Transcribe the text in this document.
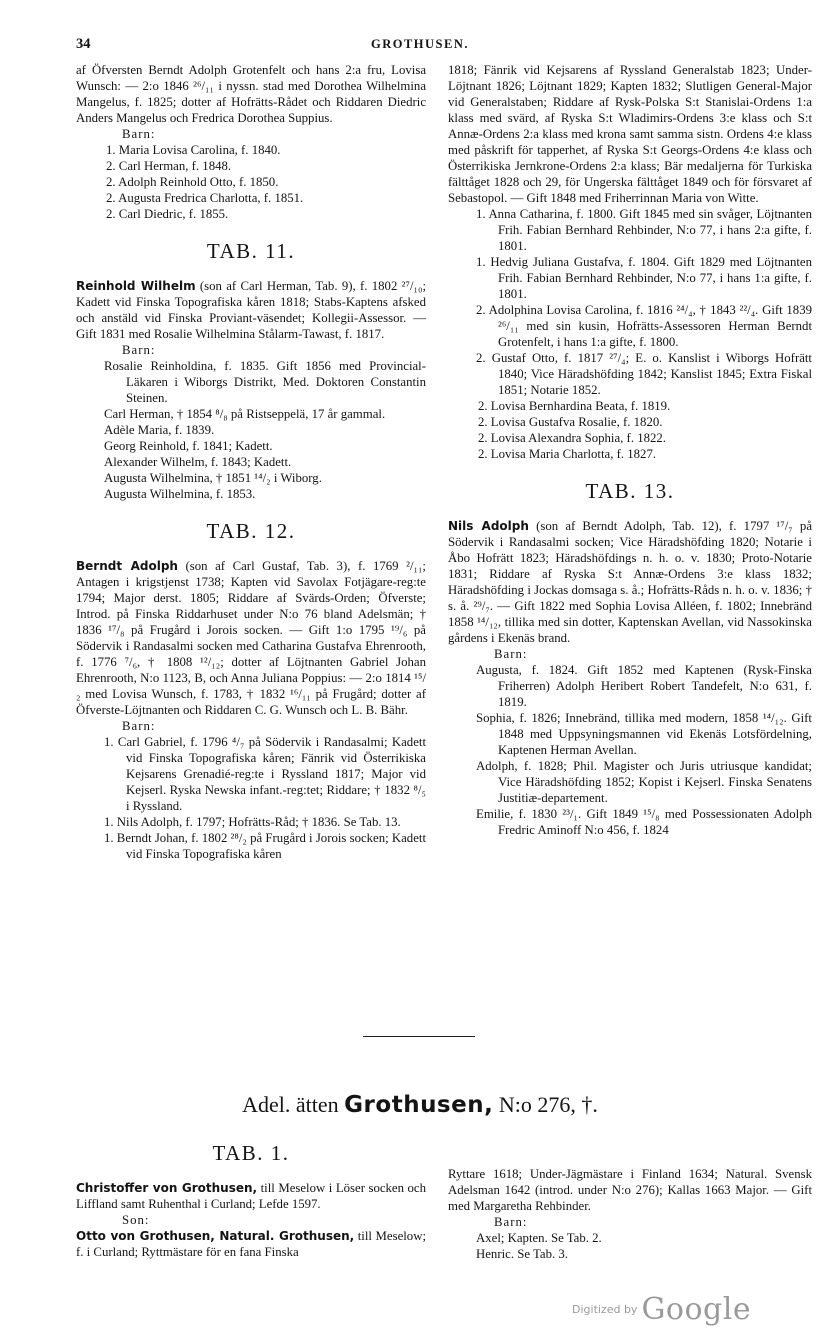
34	GROTHUSEN.

af Öfversten Berndt Adolph Grotenfelt och hans 2:a fru, Lovisa Wunsch: — 2:o 1846 ²⁶/₁₁ i nyssn. stad med Dorothea Wilhelmina Mangelus, f. 1825; dotter af Hofrätts-Rådet och Riddaren Diedric Anders Mangelus och Fredrica Dorothea Suppius.

Barn:

1. Maria Lovisa Carolina, f. 1840.

2. Carl Herman, f. 1848.

2. Adolph Reinhold Otto, f. 1850.

2. Augusta Fredrica Charlotta, f. 1851.

2. Carl Diedric, f. 1855.

TAB. 11.

Reinhold Wilhelm (son af Carl Herman, Tab. 9), f. 1802 ²⁷/₁₀; Kadett vid Finska Topografiska kåren 1818; Stabs-Kaptens afsked och anstäld vid Finska Proviant-väsendet; Kollegii-Assessor. — Gift 1831 med Rosalie Wilhelmina Stålarm-Tawast, f. 1817.

Barn:

Rosalie Reinholdina, f. 1835. Gift 1856 med Provincial-Läkaren i Wiborgs Distrikt, Med. Doktoren Constantin Steinen.

Carl Herman, † 1854 ⁸/₈ på Ristseppelä, 17 år gammal.

Adèle Maria, f. 1839.

Georg Reinhold, f. 1841; Kadett.

Alexander Wilhelm, f. 1843; Kadett.

Augusta Wilhelmina, † 1851 ¹⁴/₂ i Wiborg.

Augusta Wilhelmina, f. 1853.

TAB. 12.

Berndt Adolph (son af Carl Gustaf, Tab. 3), f. 1769 ²/₁₁; Antagen i krigstjenst 1738; Kapten vid Savolax Fotjägare-reg:te 1794; Major derst. 1805; Riddare af Svärds-Orden; Öfverste; Introd. på Finska Riddarhuset under N:o 76 bland Adelsmän; † 1836 ¹⁷/₈ på Frugård i Jorois socken. — Gift 1:o 1795 ¹⁹/₆ på Södervik i Randasalmi socken med Catharina Gustafva Ehrenrooth, f. 1776 ⁷/₆, † 1808 ¹²/₁₂; dotter af Löjtnanten Gabriel Johan Ehrenrooth, N:o 1123, B, och Anna Juliana Poppius: — 2:o 1814 ¹⁵/₂ med Lovisa Wunsch, f. 1783, † 1832 ¹⁶/₁₁ på Frugård; dotter af Öfverste-Löjtnanten och Riddaren C. G. Wunsch och L. B. Bähr.

Barn:

1. Carl Gabriel, f. 1796 ⁴/₇ på Södervik i Randasalmi; Kadett vid Finska Topografiska kåren; Fänrik vid Österrikiska Kejsarens Grenadié-reg:te i Ryssland 1817; Major vid Kejserl. Ryska Newska infant.-reg:tet; Riddare; † 1832 ⁸/₅ i Ryssland.

1. Nils Adolph, f. 1797; Hofrätts-Råd; † 1836. Se Tab. 13.

1. Berndt Johan, f. 1802 ²⁸/₂ på Frugård i Jorois socken; Kadett vid Finska Topografiska kåren

1818; Fänrik vid Kejsarens af Ryssland Generalstab 1823; Under-Löjtnant 1826; Löjtnant 1829; Kapten 1832; Slutligen General-Major vid Generalstaben; Riddare af Rysk-Polska S:t Stanislai-Ordens 1:a klass med svärd, af Ryska S:t Wladimirs-Ordens 3:e klass och S:t Annæ-Ordens 2:a klass med krona samt samma sistn. Ordens 4:e klass med påskrift för tapperhet, af Ryska S:t Georgs-Ordens 4:e klass och Österrikiska Jernkrone-Ordens 2:a klass; Bär medaljerna för Turkiska fälttåget 1828 och 29, för Ungerska fälttåget 1849 och för försvaret af Sebastopol. — Gift 1848 med Friherrinnan Maria von Witte.

1. Anna Catharina, f. 1800. Gift 1845 med sin svåger, Löjtnanten Frih. Fabian Bernhard Rehbinder, N:o 77, i hans 2:a gifte, f. 1801.

1. Hedvig Juliana Gustafva, f. 1804. Gift 1829 med Löjtnanten Frih. Fabian Bernhard Rehbinder, N:o 77, i hans 1:a gifte, f. 1801.

2. Adolphina Lovisa Carolina, f. 1816 ²⁴/₄, † 1843 ²²/₄. Gift 1839 ²⁶/₁₁ med sin kusin, Hofrätts-Assessoren Herman Berndt Grotenfelt, i hans 1:a gifte, f. 1800.

2. Gustaf Otto, f. 1817 ²⁷/₄; E. o. Kanslist i Wiborgs Hofrätt 1840; Vice Häradshöfding 1842; Kanslist 1845; Extra Fiskal 1851; Notarie 1852.

2. Lovisa Bernhardina Beata, f. 1819.

2. Lovisa Gustafva Rosalie, f. 1820.

2. Lovisa Alexandra Sophia, f. 1822.

2. Lovisa Maria Charlotta, f. 1827.

TAB. 13.

Nils Adolph (son af Berndt Adolph, Tab. 12), f. 1797 ¹⁷/₇ på Södervik i Randasalmi socken; Vice Häradshöfding 1820; Notarie i Åbo Hofrätt 1823; Häradshöfdings n. h. o. v. 1830; Proto-Notarie 1831; Riddare af Ryska S:t Annæ-Ordens 3:e klass 1832; Häradshöfding i Jockas domsaga s. å.; Hofrätts-Råds n. h. o. v. 1836; † s. å. ²⁹/₇. — Gift 1822 med Sophia Lovisa Alléen, f. 1802; Innebränd 1858 ¹⁴/₁₂, tillika med sin dotter, Kaptenskan Avellan, vid Nassokinska gårdens i Ekenäs brand.

Barn:

Augusta, f. 1824. Gift 1852 med Kaptenen (Rysk-Finska Friherren) Adolph Heribert Robert Tandefelt, N:o 631, f. 1819.

Sophia, f. 1826; Innebränd, tillika med modern, 1858 ¹⁴/₁₂. Gift 1848 med Uppsyningsmannen vid Ekenäs Lotsfördelning, Kaptenen Herman Avellan.

Adolph, f. 1828; Phil. Magister och Juris utriusque kandidat; Vice Häradshöfding 1852; Kopist i Kejserl. Finska Senatens Justitiæ-departement.

Emilie, f. 1830 ²³/₁. Gift 1849 ¹⁵/₈ med Possessionaten Adolph Fredric Aminoff N:o 456, f. 1824

Adel. ätten Grothusen, N:o 276, †.
TAB. 1.

Christoffer von Grothusen, till Meselow i Löser socken och Liffland samt Ruhenthal i Curland; Lefde 1597.

Son:

Otto von Grothusen, Natural. Grothusen, till Meselow; f. i Curland; Ryttmästare för en fana Finska

Ryttare 1618; Under-Jägmästare i Finland 1634; Natural. Svensk Adelsman 1642 (introd. under N:o 276); Kallas 1663 Major. — Gift med Margaretha Rehbinder.

Barn:

Axel; Kapten. Se Tab. 2.

Henric. Se Tab. 3.

Digitized by Google
